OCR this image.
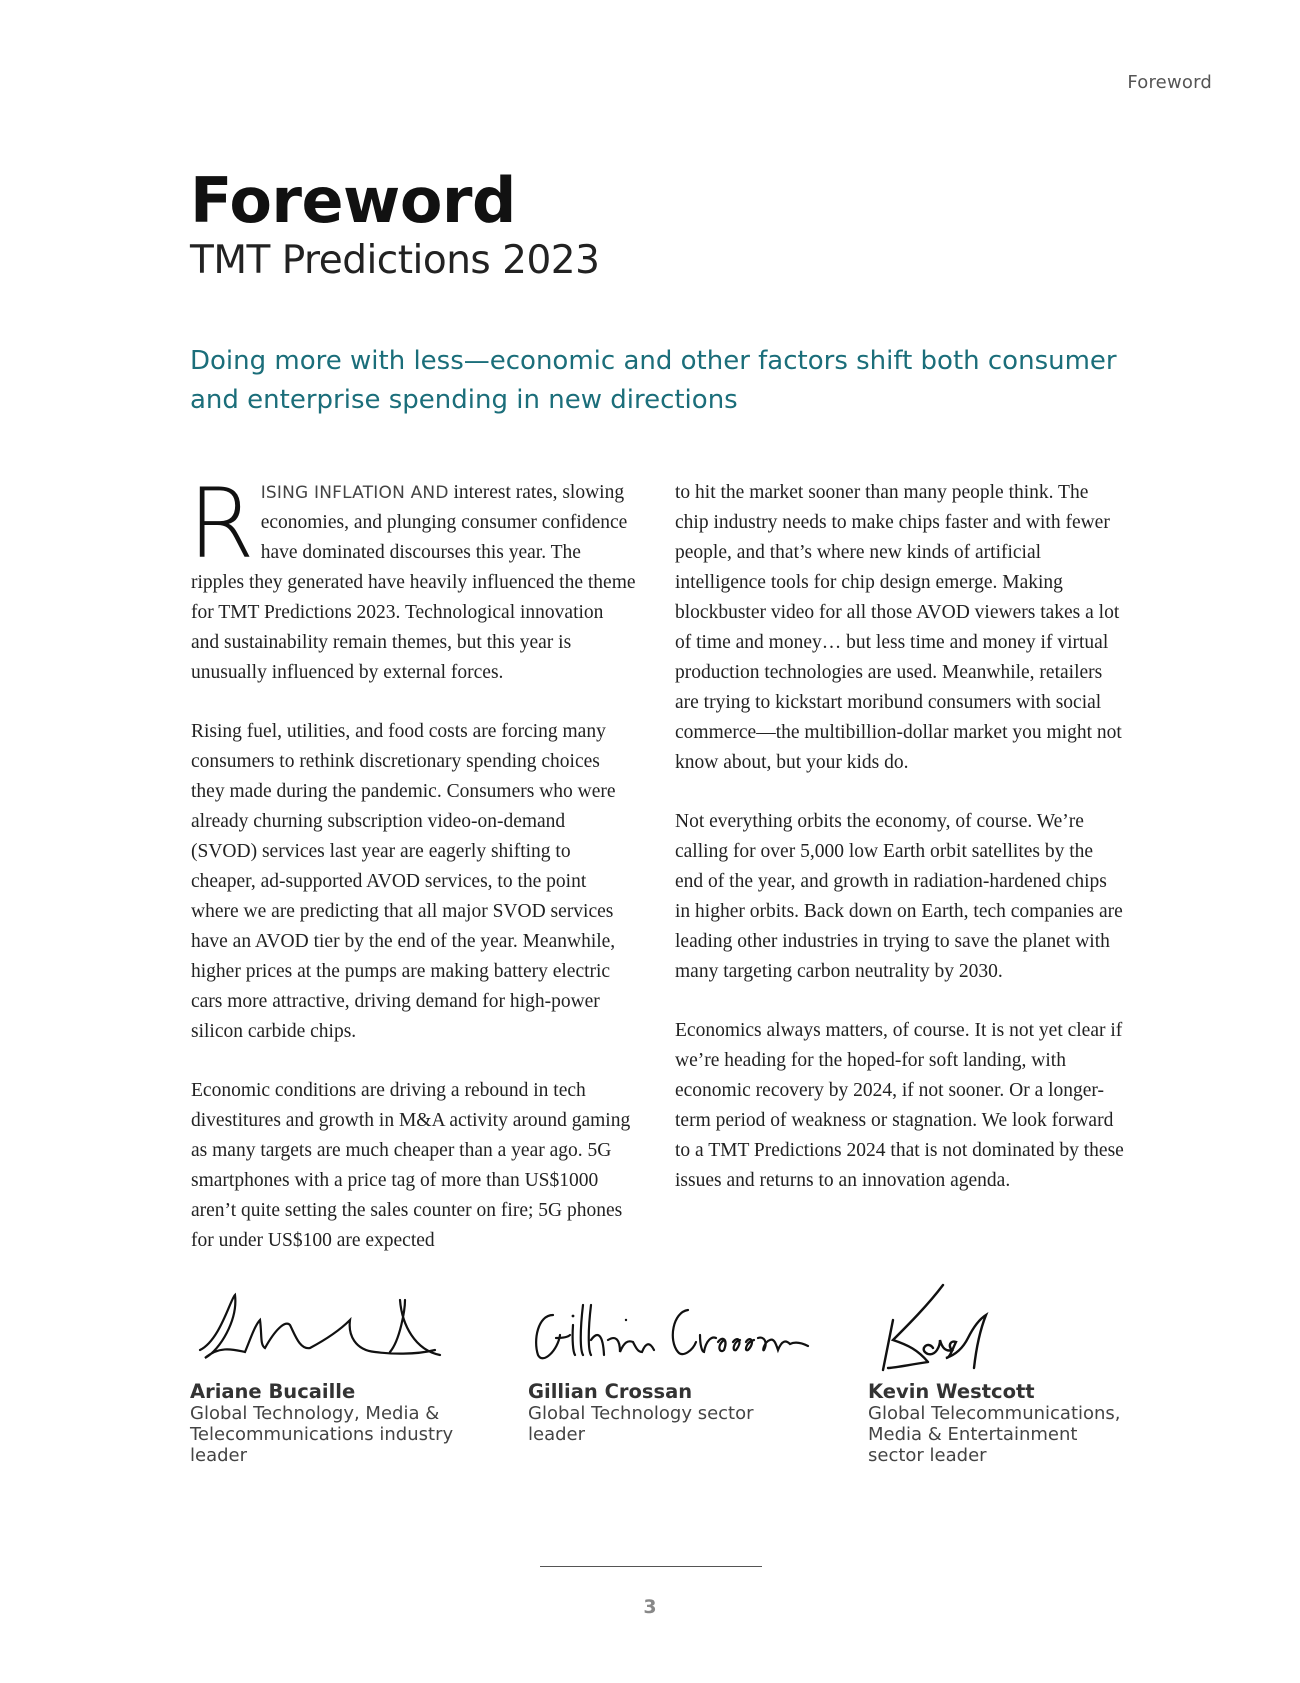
Foreword
Foreword
TMT Predictions 2023
Doing more with less—economic and other factors shift both consumer and enterprise spending in new directions

RISING INFLATION AND interest rates, slowing economies, and plunging consumer confidence have dominated discourses this year. The ripples they generated have heavily influenced the theme for TMT Predictions 2023. Technological innovation and sustainability remain themes, but this year is unusually influenced by external forces.

Rising fuel, utilities, and food costs are forcing many consumers to rethink discretionary spending choices they made during the pandemic. Consumers who were already churning subscription video-on-demand (SVOD) services last year are eagerly shifting to cheaper, ad-supported AVOD services, to the point where we are predicting that all major SVOD services have an AVOD tier by the end of the year. Meanwhile, higher prices at the pumps are making battery electric cars more attractive, driving demand for high-power silicon carbide chips.

Economic conditions are driving a rebound in tech divestitures and growth in M&A activity around gaming as many targets are much cheaper than a year ago. 5G smartphones with a price tag of more than US$1000 aren’t quite setting the sales counter on fire; 5G phones for under US$100 are expected

to hit the market sooner than many people think. The chip industry needs to make chips faster and with fewer people, and that’s where new kinds of artificial intelligence tools for chip design emerge. Making blockbuster video for all those AVOD viewers takes a lot of time and money… but less time and money if virtual production technologies are used. Meanwhile, retailers are trying to kickstart moribund consumers with social commerce—the multibillion-dollar market you might not know about, but your kids do.

Not everything orbits the economy, of course. We’re calling for over 5,000 low Earth orbit satellites by the end of the year, and growth in radiation-hardened chips in higher orbits. Back down on Earth, tech companies are leading other industries in trying to save the planet with many targeting carbon neutrality by 2030.

Economics always matters, of course. It is not yet clear if we’re heading for the hoped-for soft landing, with economic recovery by 2024, if not sooner. Or a longer-term period of weakness or stagnation. We look forward to a TMT Predictions 2024 that is not dominated by these issues and returns to an innovation agenda.

Ariane Bucaille
Global Technology, Media & Telecommunications industry leader
Gillian Crossan
Global Technology sector leader
Kevin Westcott
Global Telecommunications, Media & Entertainment sector leader
3
